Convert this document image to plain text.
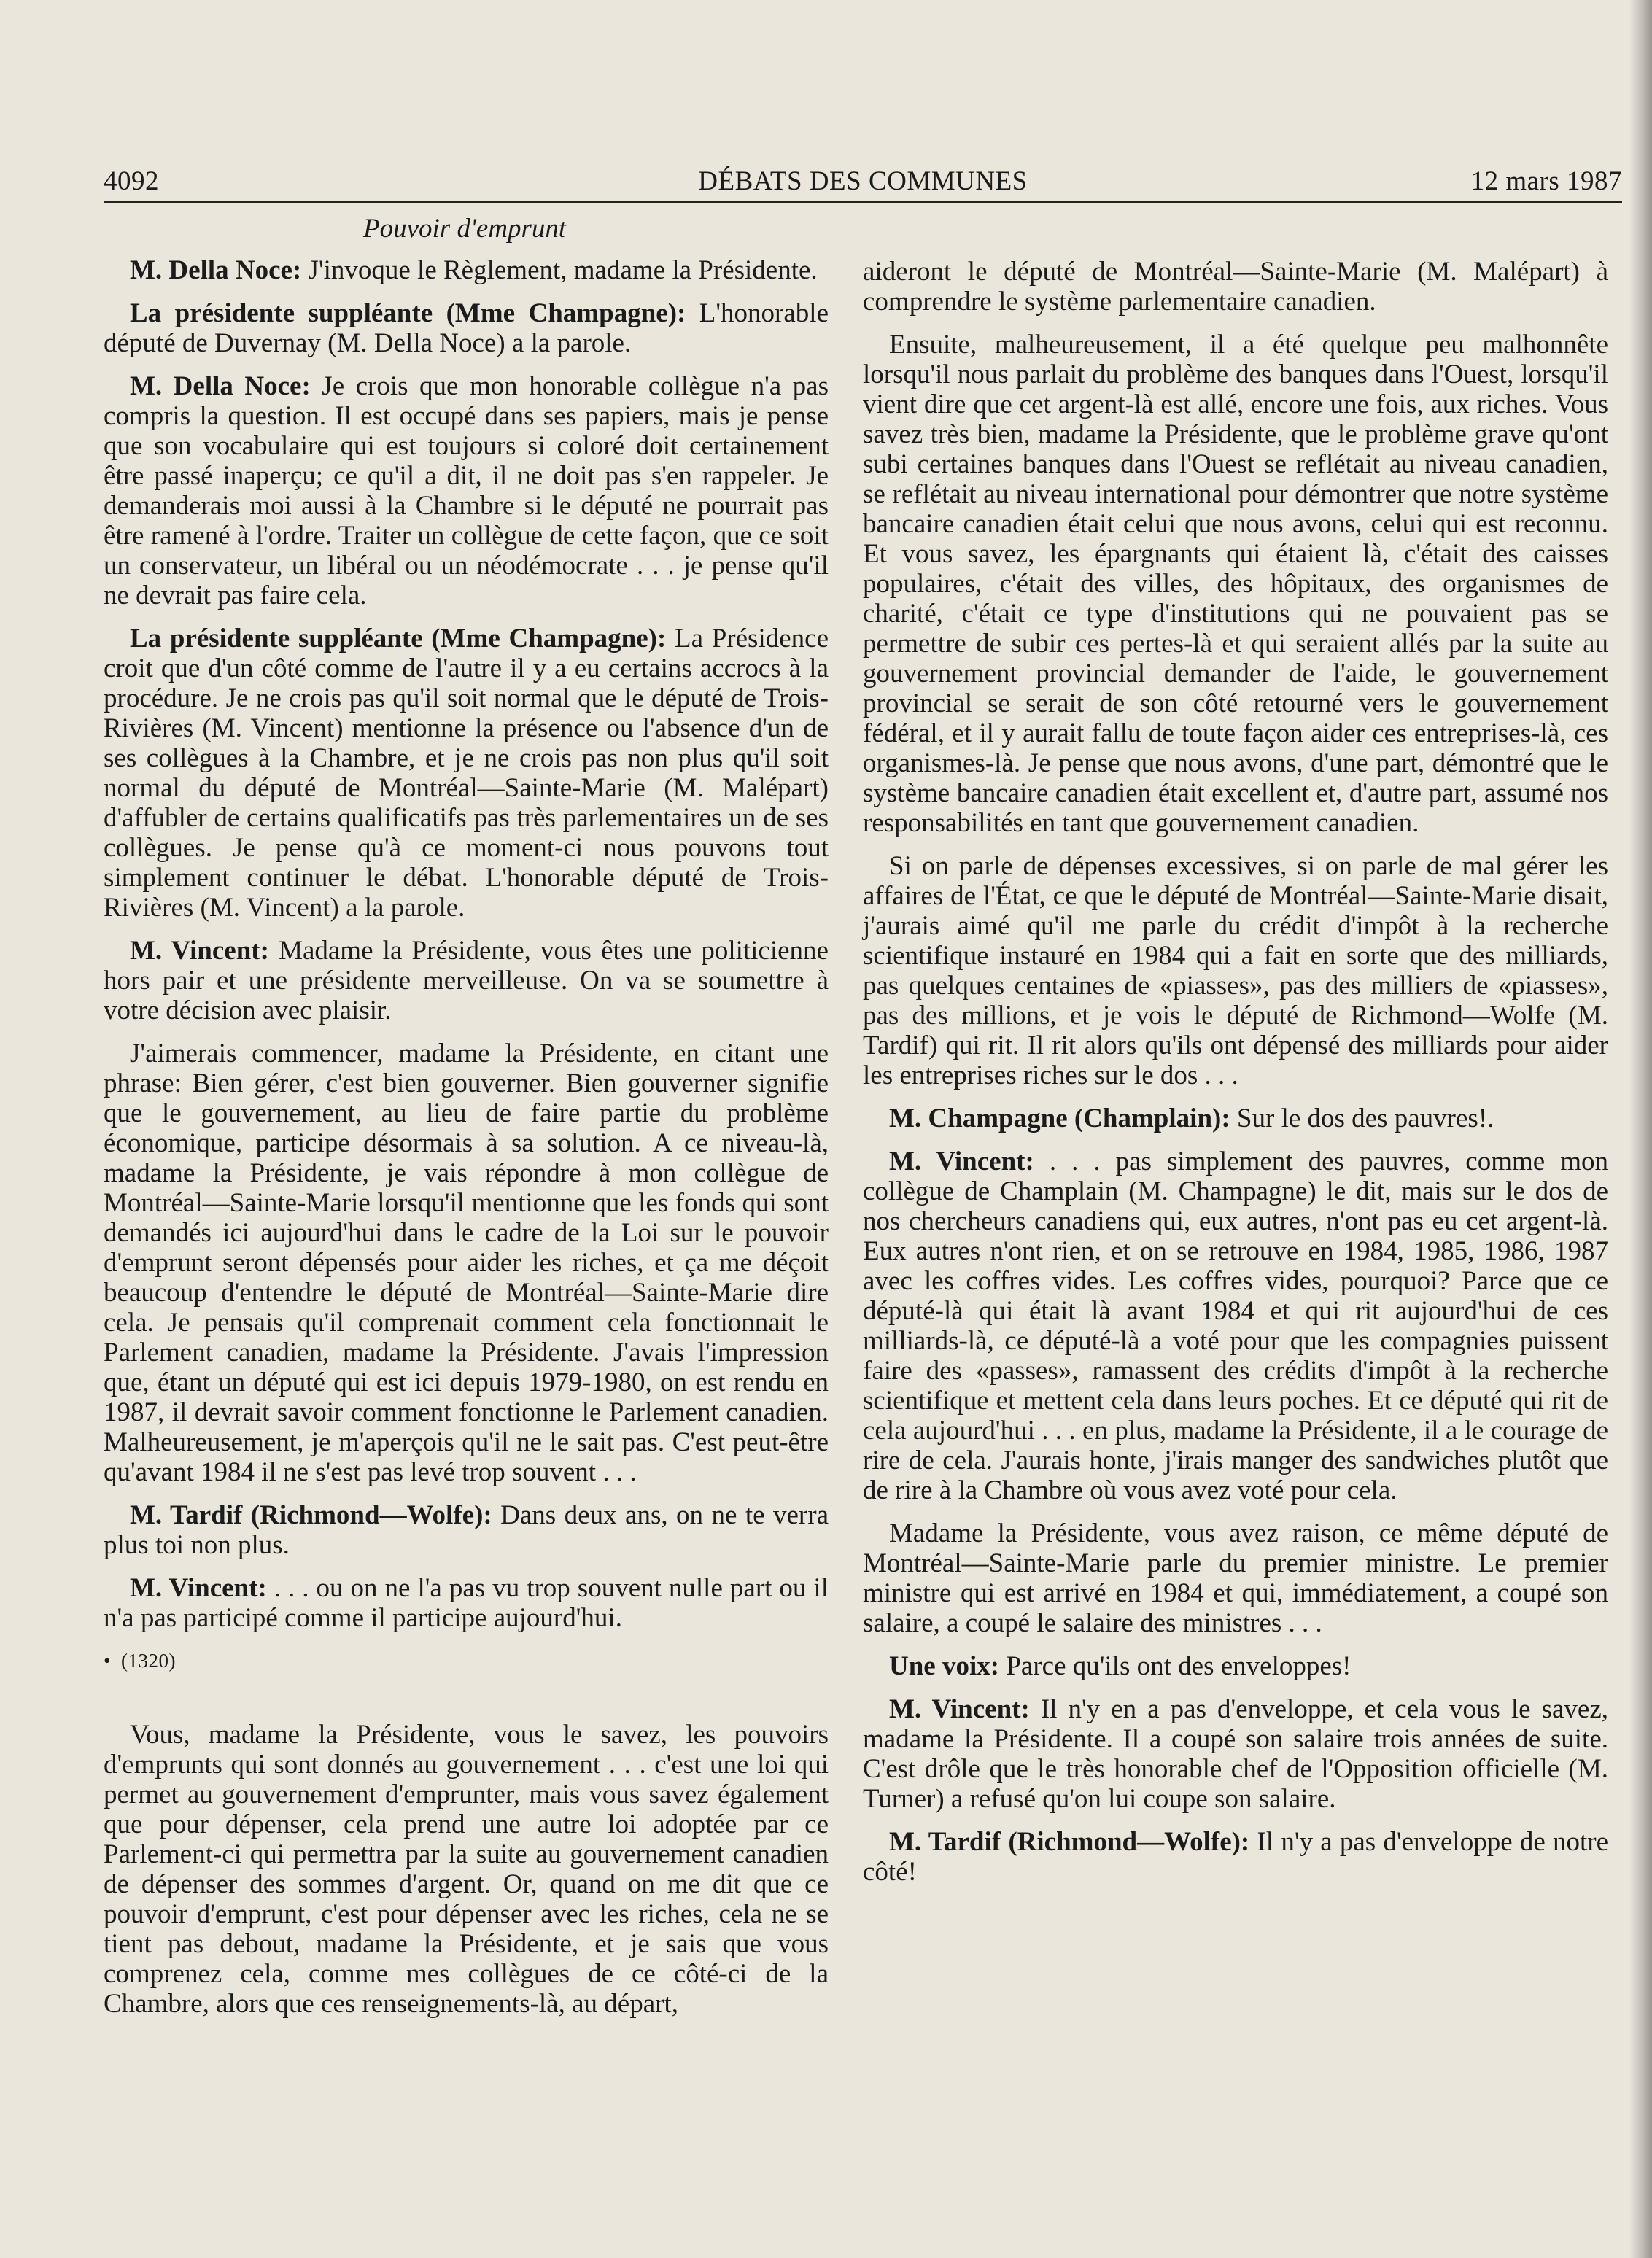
4092	DÉBATS DES COMMUNES	12 mars 1987
Pouvoir d'emprunt

M. Della Noce: J'invoque le Règlement, madame la Présidente.

La présidente suppléante (Mme Champagne): L'honorable député de Duvernay (M. Della Noce) a la parole.

M. Della Noce: Je crois que mon honorable collègue n'a pas compris la question. Il est occupé dans ses papiers, mais je pense que son vocabulaire qui est toujours si coloré doit certainement être passé inaperçu; ce qu'il a dit, il ne doit pas s'en rappeler. Je demanderais moi aussi à la Chambre si le député ne pourrait pas être ramené à l'ordre. Traiter un collègue de cette façon, que ce soit un conservateur, un libéral ou un néodémocrate . . . je pense qu'il ne devrait pas faire cela.

La présidente suppléante (Mme Champagne): La Présidence croit que d'un côté comme de l'autre il y a eu certains accrocs à la procédure. Je ne crois pas qu'il soit normal que le député de Trois-Rivières (M. Vincent) mentionne la présence ou l'absence d'un de ses collègues à la Chambre, et je ne crois pas non plus qu'il soit normal du député de Montréal—Sainte-Marie (M. Malépart) d'affubler de certains qualificatifs pas très parlementaires un de ses collègues. Je pense qu'à ce moment-ci nous pouvons tout simplement continuer le débat. L'honorable député de Trois-Rivières (M. Vincent) a la parole.

M. Vincent: Madame la Présidente, vous êtes une politicienne hors pair et une présidente merveilleuse. On va se soumettre à votre décision avec plaisir.

J'aimerais commencer, madame la Présidente, en citant une phrase: Bien gérer, c'est bien gouverner. Bien gouverner signifie que le gouvernement, au lieu de faire partie du problème économique, participe désormais à sa solution. A ce niveau-là, madame la Présidente, je vais répondre à mon collègue de Montréal—Sainte-Marie lorsqu'il mentionne que les fonds qui sont demandés ici aujourd'hui dans le cadre de la Loi sur le pouvoir d'emprunt seront dépensés pour aider les riches, et ça me déçoit beaucoup d'entendre le député de Montréal—Sainte-Marie dire cela. Je pensais qu'il comprenait comment cela fonctionnait le Parlement canadien, madame la Présidente. J'avais l'impression que, étant un député qui est ici depuis 1979-1980, on est rendu en 1987, il devrait savoir comment fonctionne le Parlement canadien. Malheureusement, je m'aperçois qu'il ne le sait pas. C'est peut-être qu'avant 1984 il ne s'est pas levé trop souvent . . .

M. Tardif (Richmond—Wolfe): Dans deux ans, on ne te verra plus toi non plus.

M. Vincent: . . . ou on ne l'a pas vu trop souvent nulle part ou il n'a pas participé comme il participe aujourd'hui.

• (1320)

Vous, madame la Présidente, vous le savez, les pouvoirs d'emprunts qui sont donnés au gouvernement . . . c'est une loi qui permet au gouvernement d'emprunter, mais vous savez également que pour dépenser, cela prend une autre loi adoptée par ce Parlement-ci qui permettra par la suite au gouvernement canadien de dépenser des sommes d'argent. Or, quand on me dit que ce pouvoir d'emprunt, c'est pour dépenser avec les riches, cela ne se tient pas debout, madame la Présidente, et je sais que vous comprenez cela, comme mes collègues de ce côté-ci de la Chambre, alors que ces renseignements-là, au départ,

aideront le député de Montréal—Sainte-Marie (M. Malépart) à comprendre le système parlementaire canadien.

Ensuite, malheureusement, il a été quelque peu malhonnête lorsqu'il nous parlait du problème des banques dans l'Ouest, lorsqu'il vient dire que cet argent-là est allé, encore une fois, aux riches. Vous savez très bien, madame la Présidente, que le problème grave qu'ont subi certaines banques dans l'Ouest se reflétait au niveau canadien, se reflétait au niveau international pour démontrer que notre système bancaire canadien était celui que nous avons, celui qui est reconnu. Et vous savez, les épargnants qui étaient là, c'était des caisses populaires, c'était des villes, des hôpitaux, des organismes de charité, c'était ce type d'institutions qui ne pouvaient pas se permettre de subir ces pertes-là et qui seraient allés par la suite au gouvernement provincial demander de l'aide, le gouvernement provincial se serait de son côté retourné vers le gouvernement fédéral, et il y aurait fallu de toute façon aider ces entreprises-là, ces organismes-là. Je pense que nous avons, d'une part, démontré que le système bancaire canadien était excellent et, d'autre part, assumé nos responsabilités en tant que gouvernement canadien.

Si on parle de dépenses excessives, si on parle de mal gérer les affaires de l'État, ce que le député de Montréal—Sainte-Marie disait, j'aurais aimé qu'il me parle du crédit d'impôt à la recherche scientifique instauré en 1984 qui a fait en sorte que des milliards, pas quelques centaines de «piasses», pas des milliers de «piasses», pas des millions, et je vois le député de Richmond—Wolfe (M. Tardif) qui rit. Il rit alors qu'ils ont dépensé des milliards pour aider les entreprises riches sur le dos . . .

M. Champagne (Champlain): Sur le dos des pauvres!.

M. Vincent: . . . pas simplement des pauvres, comme mon collègue de Champlain (M. Champagne) le dit, mais sur le dos de nos chercheurs canadiens qui, eux autres, n'ont pas eu cet argent-là. Eux autres n'ont rien, et on se retrouve en 1984, 1985, 1986, 1987 avec les coffres vides. Les coffres vides, pourquoi? Parce que ce député-là qui était là avant 1984 et qui rit aujourd'hui de ces milliards-là, ce député-là a voté pour que les compagnies puissent faire des «passes», ramassent des crédits d'impôt à la recherche scientifique et mettent cela dans leurs poches. Et ce député qui rit de cela aujourd'hui . . . en plus, madame la Présidente, il a le courage de rire de cela. J'aurais honte, j'irais manger des sandwiches plutôt que de rire à la Chambre où vous avez voté pour cela.

Madame la Présidente, vous avez raison, ce même député de Montréal—Sainte-Marie parle du premier ministre. Le premier ministre qui est arrivé en 1984 et qui, immédiatement, a coupé son salaire, a coupé le salaire des ministres . . .

Une voix: Parce qu'ils ont des enveloppes!

M. Vincent: Il n'y en a pas d'enveloppe, et cela vous le savez, madame la Présidente. Il a coupé son salaire trois années de suite. C'est drôle que le très honorable chef de l'Opposition officielle (M. Turner) a refusé qu'on lui coupe son salaire.

M. Tardif (Richmond—Wolfe): Il n'y a pas d'enveloppe de notre côté!
